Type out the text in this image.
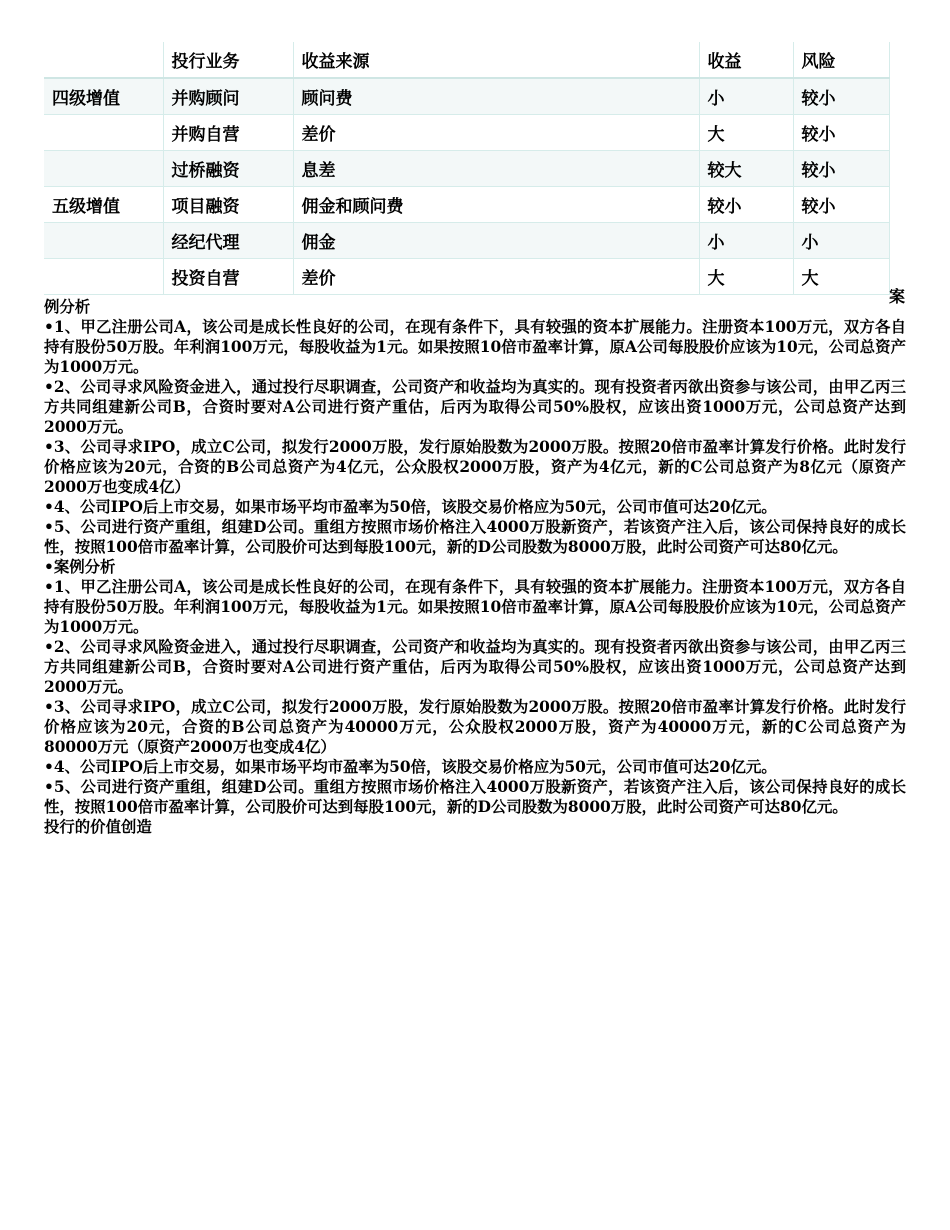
	投行业务	收益来源	收益	风险
四级增值	并购顾问	顾问费	小	较小
	并购自营	差价	大	较小
	过桥融资	息差	较大	较小
五级增值	项目融资	佣金和顾问费	较小	较小
	经纪代理	佣金	小	小
	投资自营	差价	大	大
例分析
•1、甲乙注册公司A，该公司是成长性良好的公司，在现有条件下，具有较强的资本扩展能力。注册资本100万元，双方各自持有股份50万股。年利润100万元，每股收益为1元。如果按照10倍市盈率计算，原A公司每股股价应该为10元，公司总资产为1000万元。
•2、公司寻求风险资金进入，通过投行尽职调查，公司资产和收益均为真实的。现有投资者丙欲出资参与该公司，由甲乙丙三方共同组建新公司B，合资时要对A公司进行资产重估，后丙为取得公司50%股权，应该出资1000万元，公司总资产达到2000万元。
•3、公司寻求IPO，成立C公司，拟发行2000万股，发行原始股数为2000万股。按照20倍市盈率计算发行价格。此时发行价格应该为20元，合资的B公司总资产为4亿元，公众股权2000万股，资产为4亿元，新的C公司总资产为8亿元（原资产2000万也变成4亿）
•4、公司IPO后上市交易，如果市场平均市盈率为50倍，该股交易价格应为50元，公司市值可达20亿元。
•5、公司进行资产重组，组建D公司。重组方按照市场价格注入4000万股新资产，若该资产注入后，该公司保持良好的成长性，按照100倍市盈率计算，公司股价可达到每股100元，新的D公司股数为8000万股，此时公司资产可达80亿元。
•案例分析
•1、甲乙注册公司A，该公司是成长性良好的公司，在现有条件下，具有较强的资本扩展能力。注册资本100万元，双方各自持有股份50万股。年利润100万元，每股收益为1元。如果按照10倍市盈率计算，原A公司每股股价应该为10元，公司总资产为1000万元。
•2、公司寻求风险资金进入，通过投行尽职调查，公司资产和收益均为真实的。现有投资者丙欲出资参与该公司，由甲乙丙三方共同组建新公司B，合资时要对A公司进行资产重估，后丙为取得公司50%股权，应该出资1000万元，公司总资产达到2000万元。
•3、公司寻求IPO，成立C公司，拟发行2000万股，发行原始股数为2000万股。按照20倍市盈率计算发行价格。此时发行价格应该为20元，合资的B公司总资产为40000万元，公众股权2000万股，资产为40000万元，新的C公司总资产为80000万元（原资产2000万也变成4亿）
•4、公司IPO后上市交易，如果市场平均市盈率为50倍，该股交易价格应为50元，公司市值可达20亿元。
•5、公司进行资产重组，组建D公司。重组方按照市场价格注入4000万股新资产，若该资产注入后，该公司保持良好的成长性，按照100倍市盈率计算，公司股价可达到每股100元，新的D公司股数为8000万股，此时公司资产可达80亿元。
投行的价值创造
案
